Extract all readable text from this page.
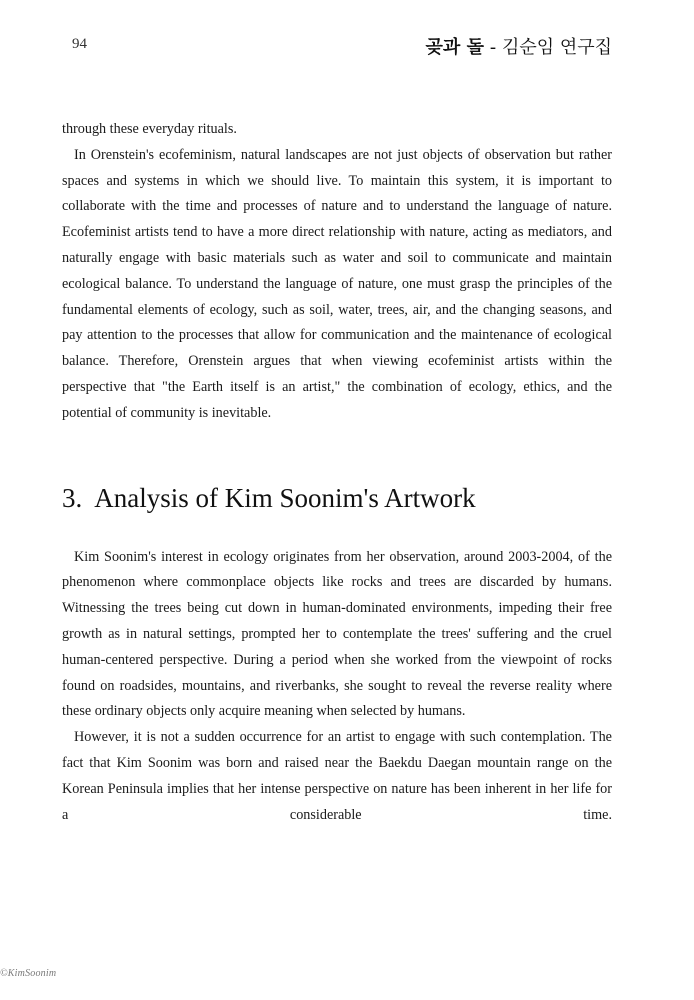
94	곶과 돌 - 김순임 연구집

through these everyday rituals.

In Orenstein's ecofeminism, natural landscapes are not just objects of observation but rather spaces and systems in which we should live. To maintain this system, it is important to collaborate with the time and processes of nature and to understand the language of nature. Ecofeminist artists tend to have a more direct relationship with nature, acting as mediators, and naturally engage with basic materials such as water and soil to communicate and maintain ecological balance. To understand the language of nature, one must grasp the principles of the fundamental elements of ecology, such as soil, water, trees, air, and the changing seasons, and pay attention to the processes that allow for communication and the maintenance of ecological balance. Therefore, Orenstein argues that when viewing ecofeminist artists within the perspective that "the Earth itself is an artist," the combination of ecology, ethics, and the potential of community is inevitable.

3. Analysis of Kim Soonim's Artwork

Kim Soonim's interest in ecology originates from her observation, around 2003-2004, of the phenomenon where commonplace objects like rocks and trees are discarded by humans. Witnessing the trees being cut down in human-dominated environments, impeding their free growth as in natural settings, prompted her to contemplate the trees' suffering and the cruel human-centered perspective. During a period when she worked from the viewpoint of rocks found on roadsides, mountains, and riverbanks, she sought to reveal the reverse reality where these ordinary objects only acquire meaning when selected by humans.

However, it is not a sudden occurrence for an artist to engage with such contemplation. The fact that Kim Soonim was born and raised near the Baekdu Daegan mountain range on the Korean Peninsula implies that her intense perspective on nature has been inherent in her life for a considerable time.

©KimSoonim
